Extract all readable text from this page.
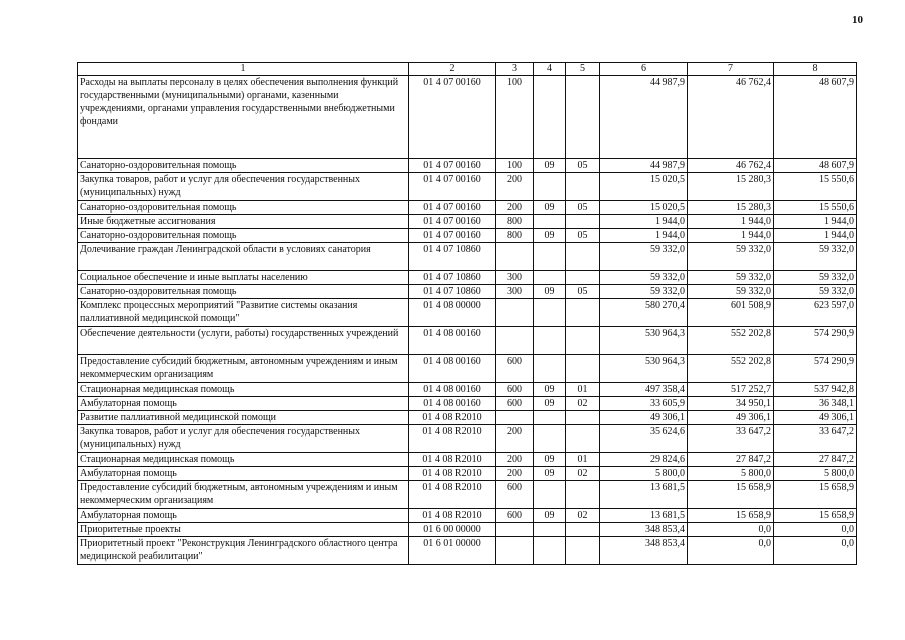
10
1	2	3	4	5	6	7	8
Расходы на выплаты персоналу в целях обеспечения выполнения функций государственными (муниципальными) органами, казенными учреждениями, органами управления государственными внебюджетными фондами	01 4 07 00160	100			44 987,9	46 762,4	48 607,9
Санаторно-оздоровительная помощь	01 4 07 00160	100	09	05	44 987,9	46 762,4	48 607,9
Закупка товаров, работ и услуг для обеспечения государственных (муниципальных) нужд	01 4 07 00160	200			15 020,5	15 280,3	15 550,6
Санаторно-оздоровительная помощь	01 4 07 00160	200	09	05	15 020,5	15 280,3	15 550,6
Иные бюджетные ассигнования	01 4 07 00160	800			1 944,0	1 944,0	1 944,0
Санаторно-оздоровительная помощь	01 4 07 00160	800	09	05	1 944,0	1 944,0	1 944,0
Долечивание граждан Ленинградской области в условиях санатория	01 4 07 10860				59 332,0	59 332,0	59 332,0
Социальное обеспечение и иные выплаты населению	01 4 07 10860	300			59 332,0	59 332,0	59 332,0
Санаторно-оздоровительная помощь	01 4 07 10860	300	09	05	59 332,0	59 332,0	59 332,0
Комплекс процессных мероприятий "Развитие системы оказания паллиативной медицинской помощи"	01 4 08 00000				580 270,4	601 508,9	623 597,0
Обеспечение деятельности (услуги, работы) государственных учреждений	01 4 08 00160				530 964,3	552 202,8	574 290,9
Предоставление субсидий бюджетным, автономным учреждениям и иным некоммерческим организациям	01 4 08 00160	600			530 964,3	552 202,8	574 290,9
Стационарная медицинская помощь	01 4 08 00160	600	09	01	497 358,4	517 252,7	537 942,8
Амбулаторная помощь	01 4 08 00160	600	09	02	33 605,9	34 950,1	36 348,1
Развитие паллиативной медицинской помощи	01 4 08 R2010				49 306,1	49 306,1	49 306,1
Закупка товаров, работ и услуг для обеспечения государственных (муниципальных) нужд	01 4 08 R2010	200			35 624,6	33 647,2	33 647,2
Стационарная медицинская помощь	01 4 08 R2010	200	09	01	29 824,6	27 847,2	27 847,2
Амбулаторная помощь	01 4 08 R2010	200	09	02	5 800,0	5 800,0	5 800,0
Предоставление субсидий бюджетным, автономным учреждениям и иным некоммерческим организациям	01 4 08 R2010	600			13 681,5	15 658,9	15 658,9
Амбулаторная помощь	01 4 08 R2010	600	09	02	13 681,5	15 658,9	15 658,9
Приоритетные проекты	01 6 00 00000				348 853,4	0,0	0,0
Приоритетный проект "Реконструкция Ленинградского областного центра медицинской реабилитации"	01 6 01 00000				348 853,4	0,0	0,0
